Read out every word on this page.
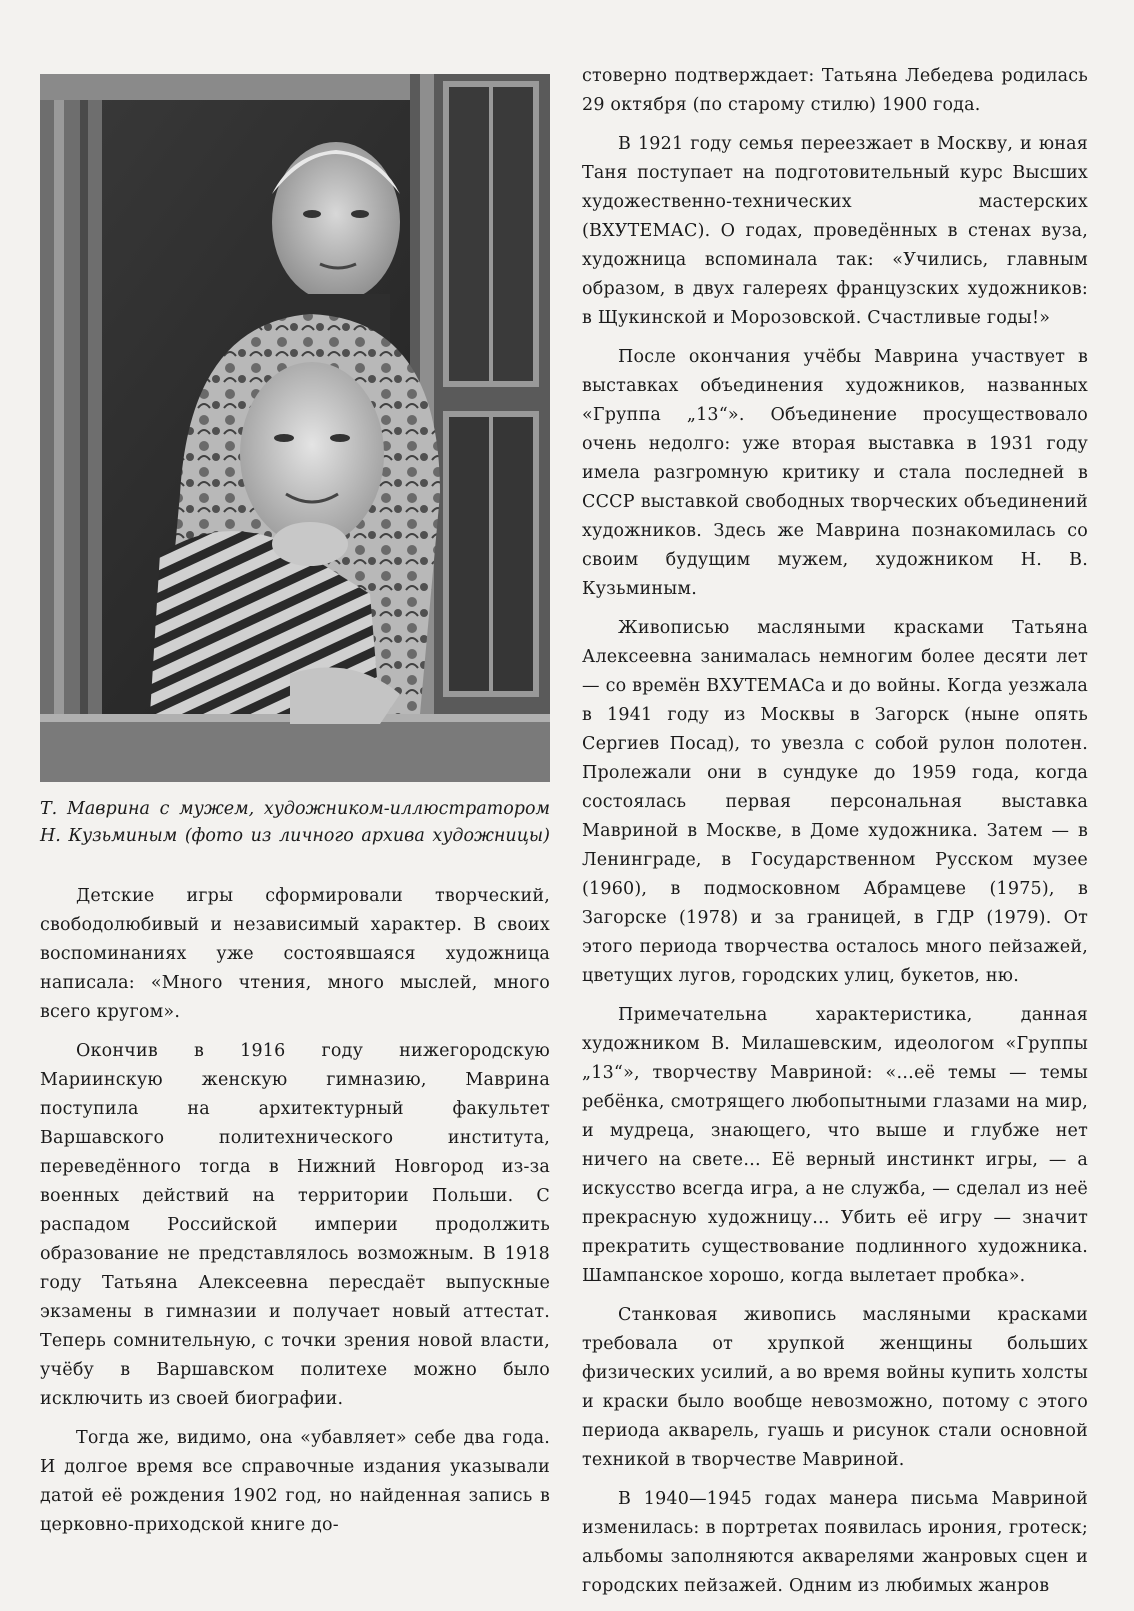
Т. Маврина с мужем, художником-иллюстратором
Н. Кузьминым (фото из личного архива художницы)

Детские игры сформировали творческий, свободолюбивый и независимый характер. В своих воспоминаниях уже состоявшаяся художница написала: «Много чтения, много мыслей, много всего кругом».

Окончив в 1916 году нижегородскую Мариинскую женскую гимназию, Маврина поступила на архитектурный факультет Варшавского политехнического института, переведённого тогда в Нижний Новгород из-за военных действий на территории Польши. С распадом Российской империи продолжить образование не представлялось возможным. В 1918 году Татьяна Алексеевна пересдаёт выпускные экзамены в гимназии и получает новый аттестат. Теперь сомнительную, с точки зрения новой власти, учёбу в Варшавском политехе можно было исключить из своей биографии.

Тогда же, видимо, она «убавляет» себе два года. И долгое время все справочные издания указывали датой её рождения 1902 год, но найденная запись в церковно-приходской книге до-

стоверно подтверждает: Татьяна Лебедева родилась 29 октября (по старому стилю) 1900 года.

В 1921 году семья переезжает в Москву, и юная Таня поступает на подготовительный курс Высших художественно-технических мастерских (ВХУТЕМАС). О годах, проведённых в стенах вуза, художница вспоминала так: «Учились, главным образом, в двух галереях французских художников: в Щукинской и Морозовской. Счастливые годы!»

После окончания учёбы Маврина участвует в выставках объединения художников, названных «Группа „13“». Объединение просуществовало очень недолго: уже вторая выставка в 1931 году имела разгромную критику и стала последней в СССР выставкой свободных творческих объединений художников. Здесь же Маврина познакомилась со своим будущим мужем, художником Н. В. Кузьминым.

Живописью масляными красками Татьяна Алексеевна занималась немногим более десяти лет — со времён ВХУТЕМАСа и до войны. Когда уезжала в 1941 году из Москвы в Загорск (ныне опять Сергиев Посад), то увезла с собой рулон полотен. Пролежали они в сундуке до 1959 года, когда состоялась первая персональная выставка Мавриной в Москве, в Доме художника. Затем — в Ленинграде, в Государственном Русском музее (1960), в подмосковном Абрамцеве (1975), в Загорске (1978) и за границей, в ГДР (1979). От этого периода творчества осталось много пейзажей, цветущих лугов, городских улиц, букетов, ню.

Примечательна характеристика, данная художником В. Милашевским, идеологом «Группы „13“», творчеству Мавриной: «…её темы — темы ребёнка, смотрящего любопытными глазами на мир, и мудреца, знающего, что выше и глубже нет ничего на свете… Её верный инстинкт игры, — а искусство всегда игра, а не служба, — сделал из неё прекрасную художницу… Убить её игру — значит прекратить существование подлинного художника. Шампанское хорошо, когда вылетает пробка».

Станковая живопись масляными красками требовала от хрупкой женщины больших физических усилий, а во время войны купить холсты и краски было вообще невозможно, потому с этого периода акварель, гуашь и рисунок стали основной техникой в творчестве Мавриной.

В 1940—1945 годах манера письма Мавриной изменилась: в портретах появилась ирония, гротеск; альбомы заполняются акварелями жанровых сцен и городских пейзажей. Одним из любимых жанров
